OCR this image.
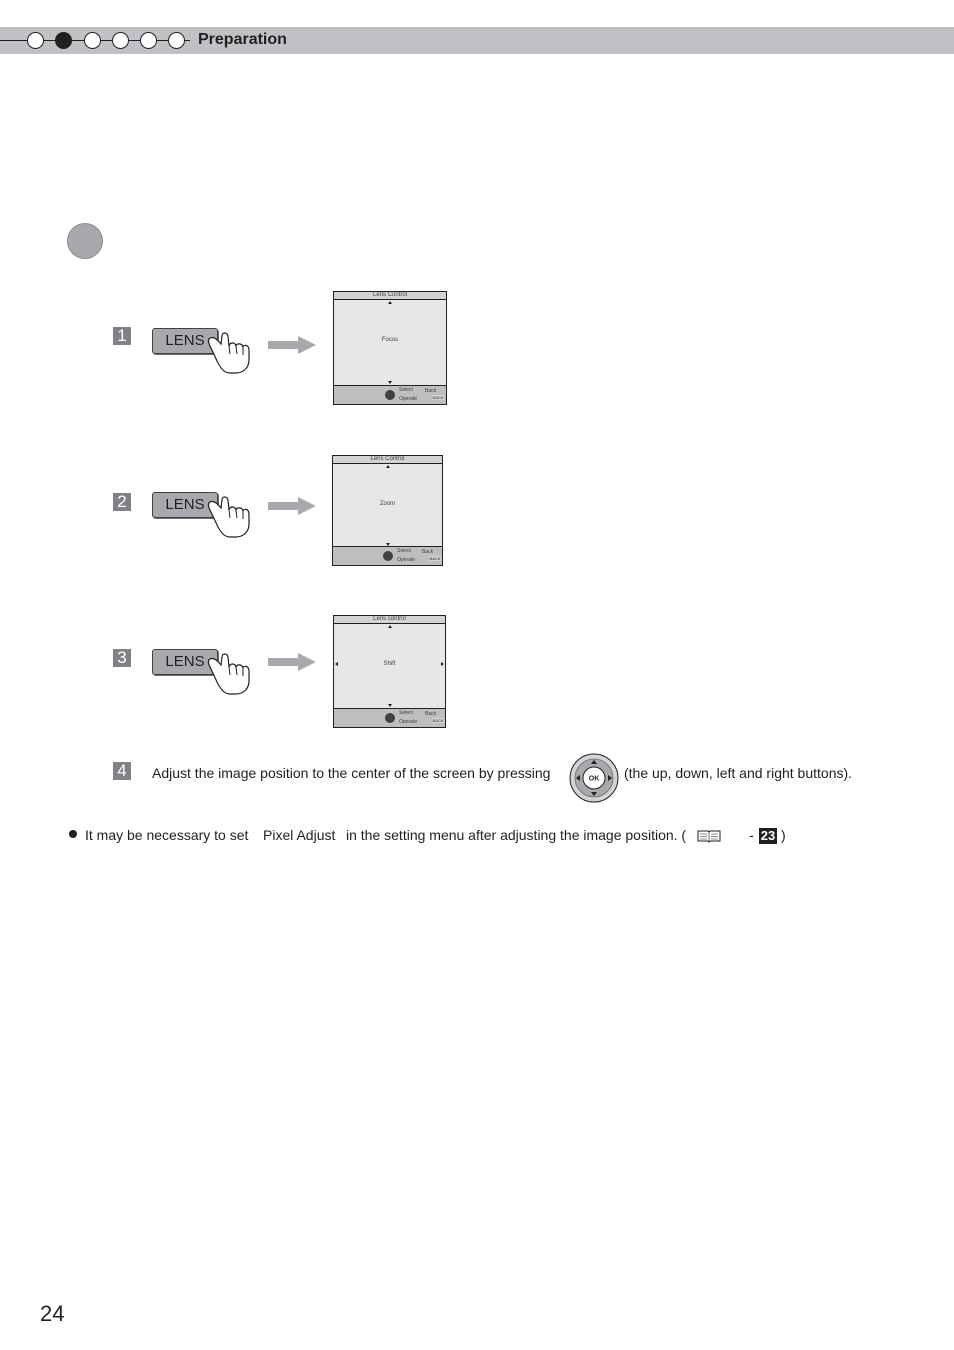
Preparation
1	LENS
Lens Control
Focus
Select
Operate
Back
BACK
2	LENS
Lens Control
Zoom
Select
Operate
Back
BACK
3	LENS
Lens control
Shift
Select
Operate
Back
BACK
4	Adjust the image position to the center of the screen by pressing	OK (the up, down, left and right buttons).
It may be necessary to set Pixel Adjust in the setting menu after adjusting the image position. (	- 23 )
24
